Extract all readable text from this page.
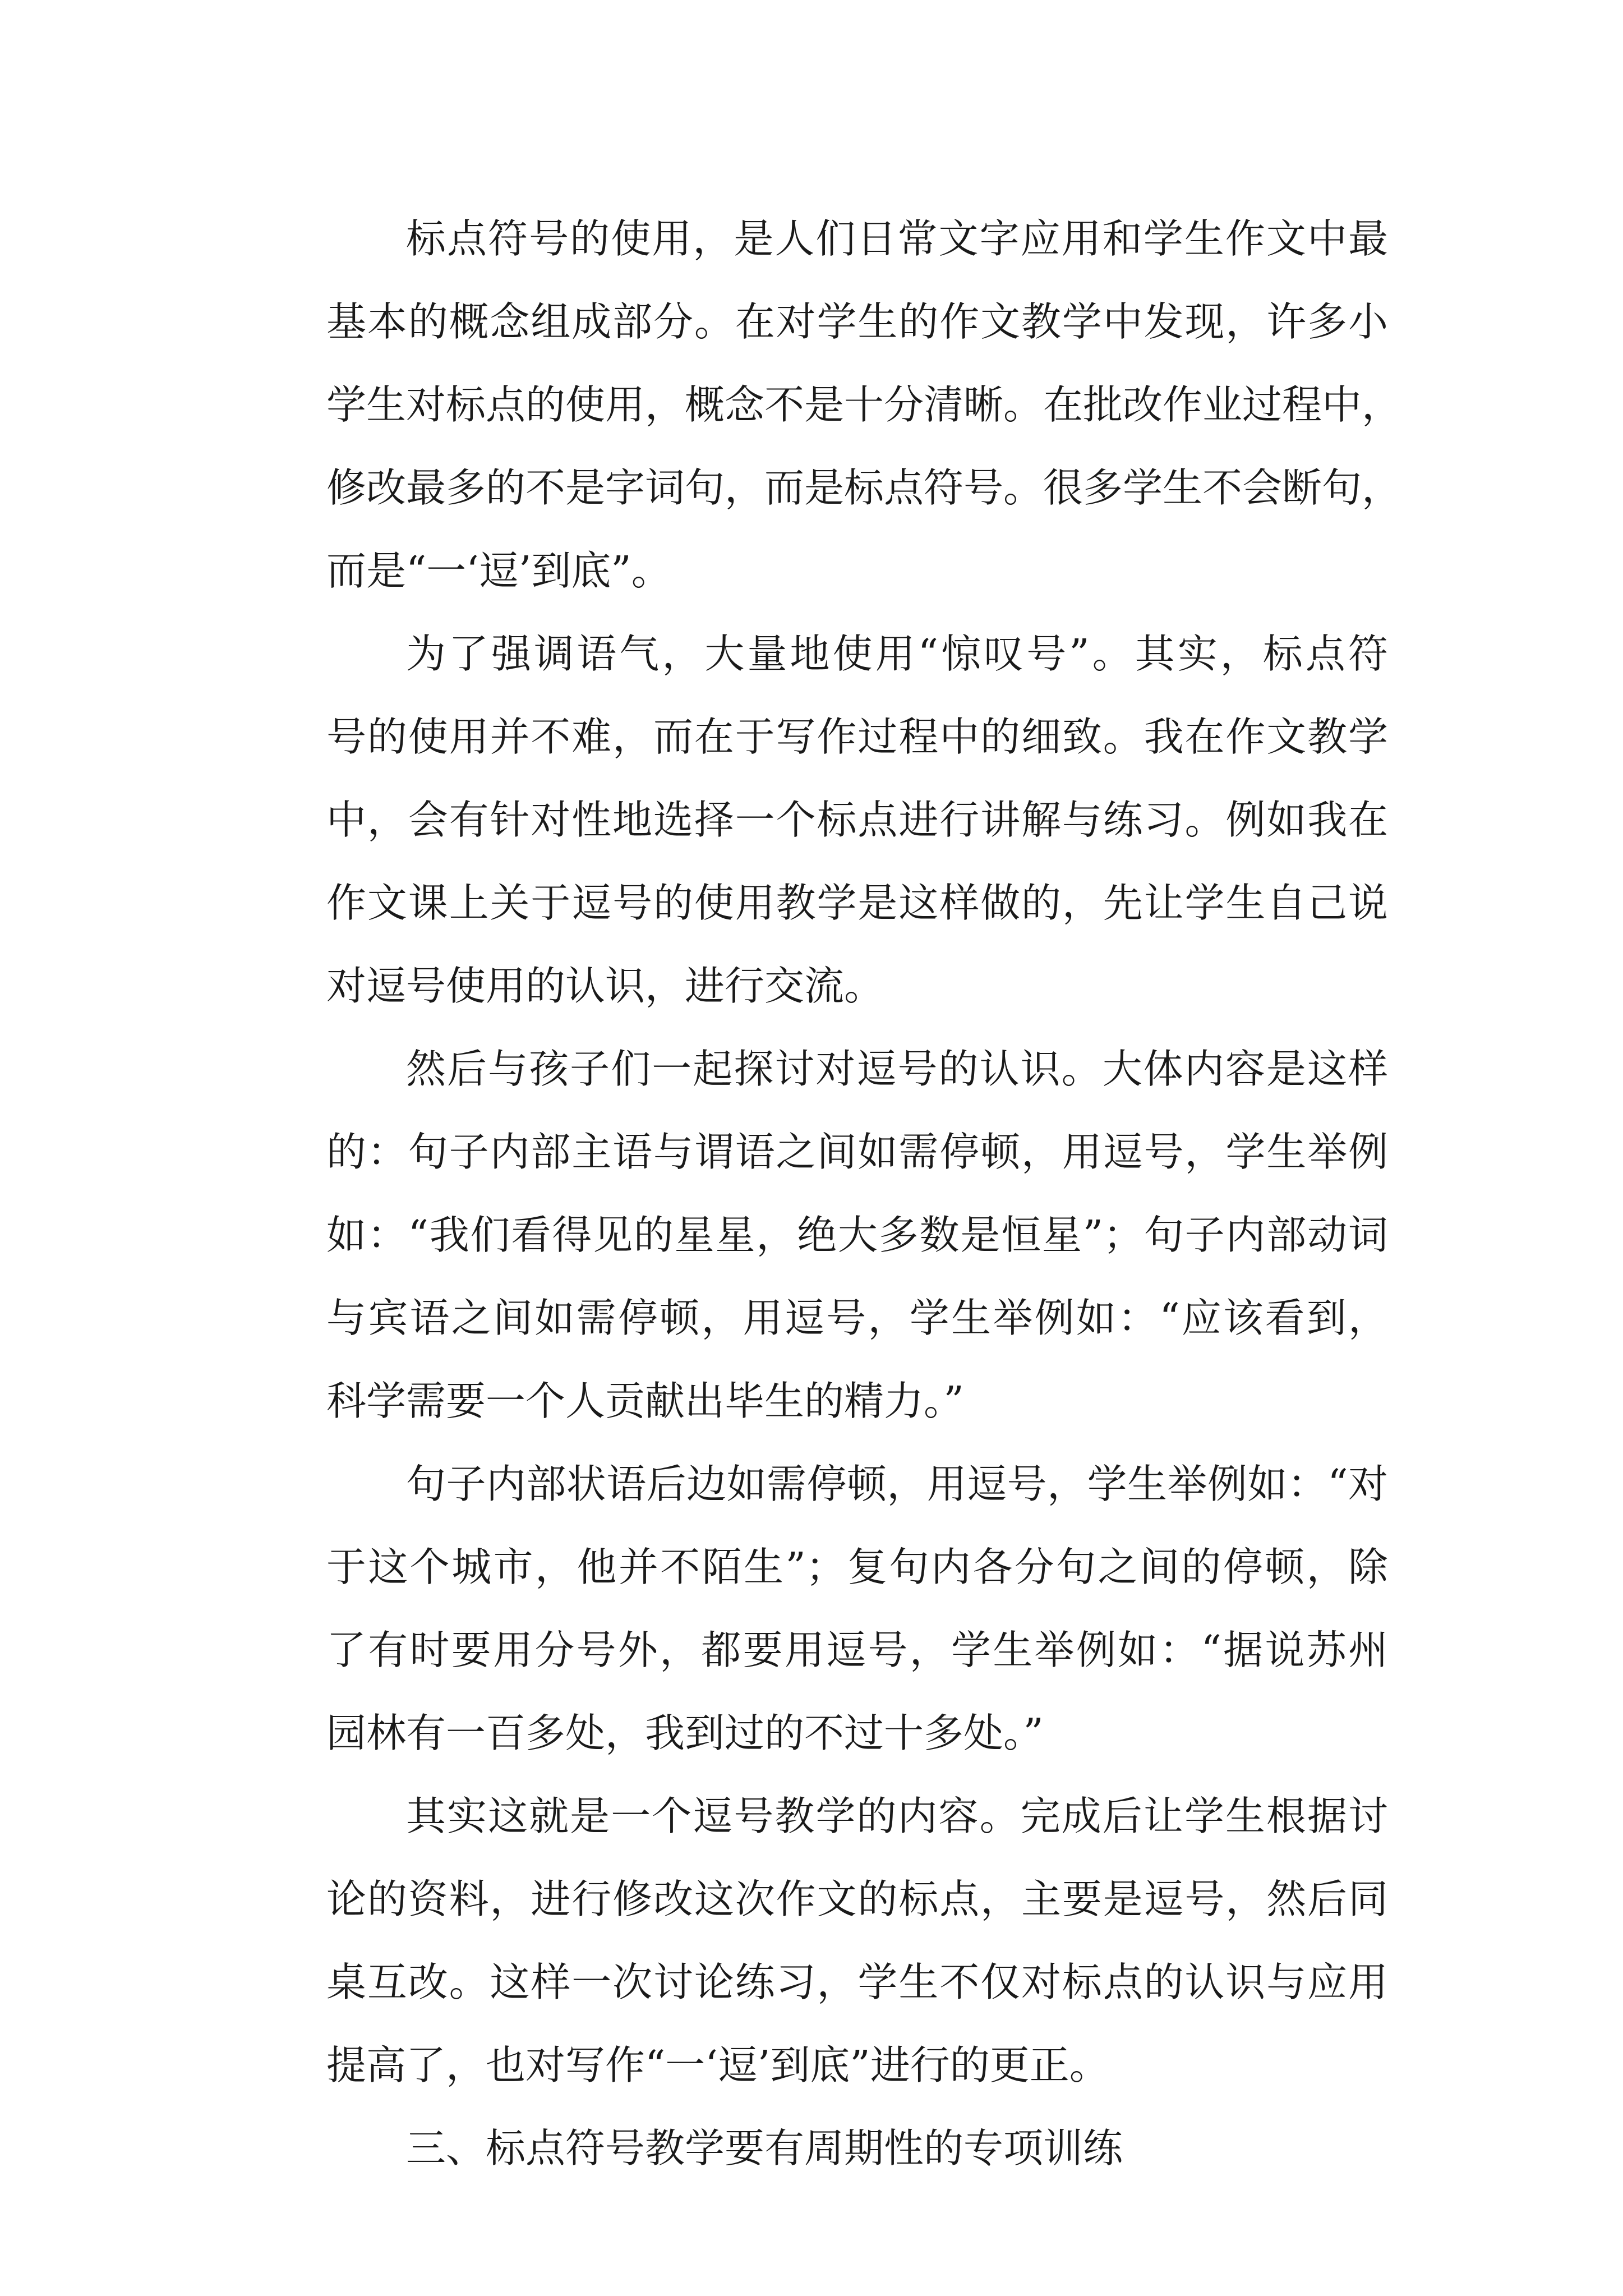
标点符号的使用，是人们日常文字应用和学生作文中最
基本的概念组成部分。在对学生的作文教学中发现，许多小
学生对标点的使用，概念不是十分清晰。在批改作业过程中，
修改最多的不是字词句，而是标点符号。很多学生不会断句，
而是“一‘逗’到底”。
为了强调语气，大量地使用“惊叹号”。其实，标点符
号的使用并不难，而在于写作过程中的细致。我在作文教学
中，会有针对性地选择一个标点进行讲解与练习。例如我在
作文课上关于逗号的使用教学是这样做的，先让学生自己说
对逗号使用的认识，进行交流。
然后与孩子们一起探讨对逗号的认识。大体内容是这样
的：句子内部主语与谓语之间如需停顿，用逗号，学生举例
如：“我们看得见的星星，绝大多数是恒星”；句子内部动词
与宾语之间如需停顿，用逗号，学生举例如：“应该看到，
科学需要一个人贡献出毕生的精力。”
句子内部状语后边如需停顿，用逗号，学生举例如：“对
于这个城市，他并不陌生”；复句内各分句之间的停顿，除
了有时要用分号外，都要用逗号，学生举例如：“据说苏州
园林有一百多处，我到过的不过十多处。”
其实这就是一个逗号教学的内容。完成后让学生根据讨
论的资料，进行修改这次作文的标点，主要是逗号，然后同
桌互改。这样一次讨论练习，学生不仅对标点的认识与应用
提高了，也对写作“一‘逗’到底”进行的更正。
三、标点符号教学要有周期性的专项训练
